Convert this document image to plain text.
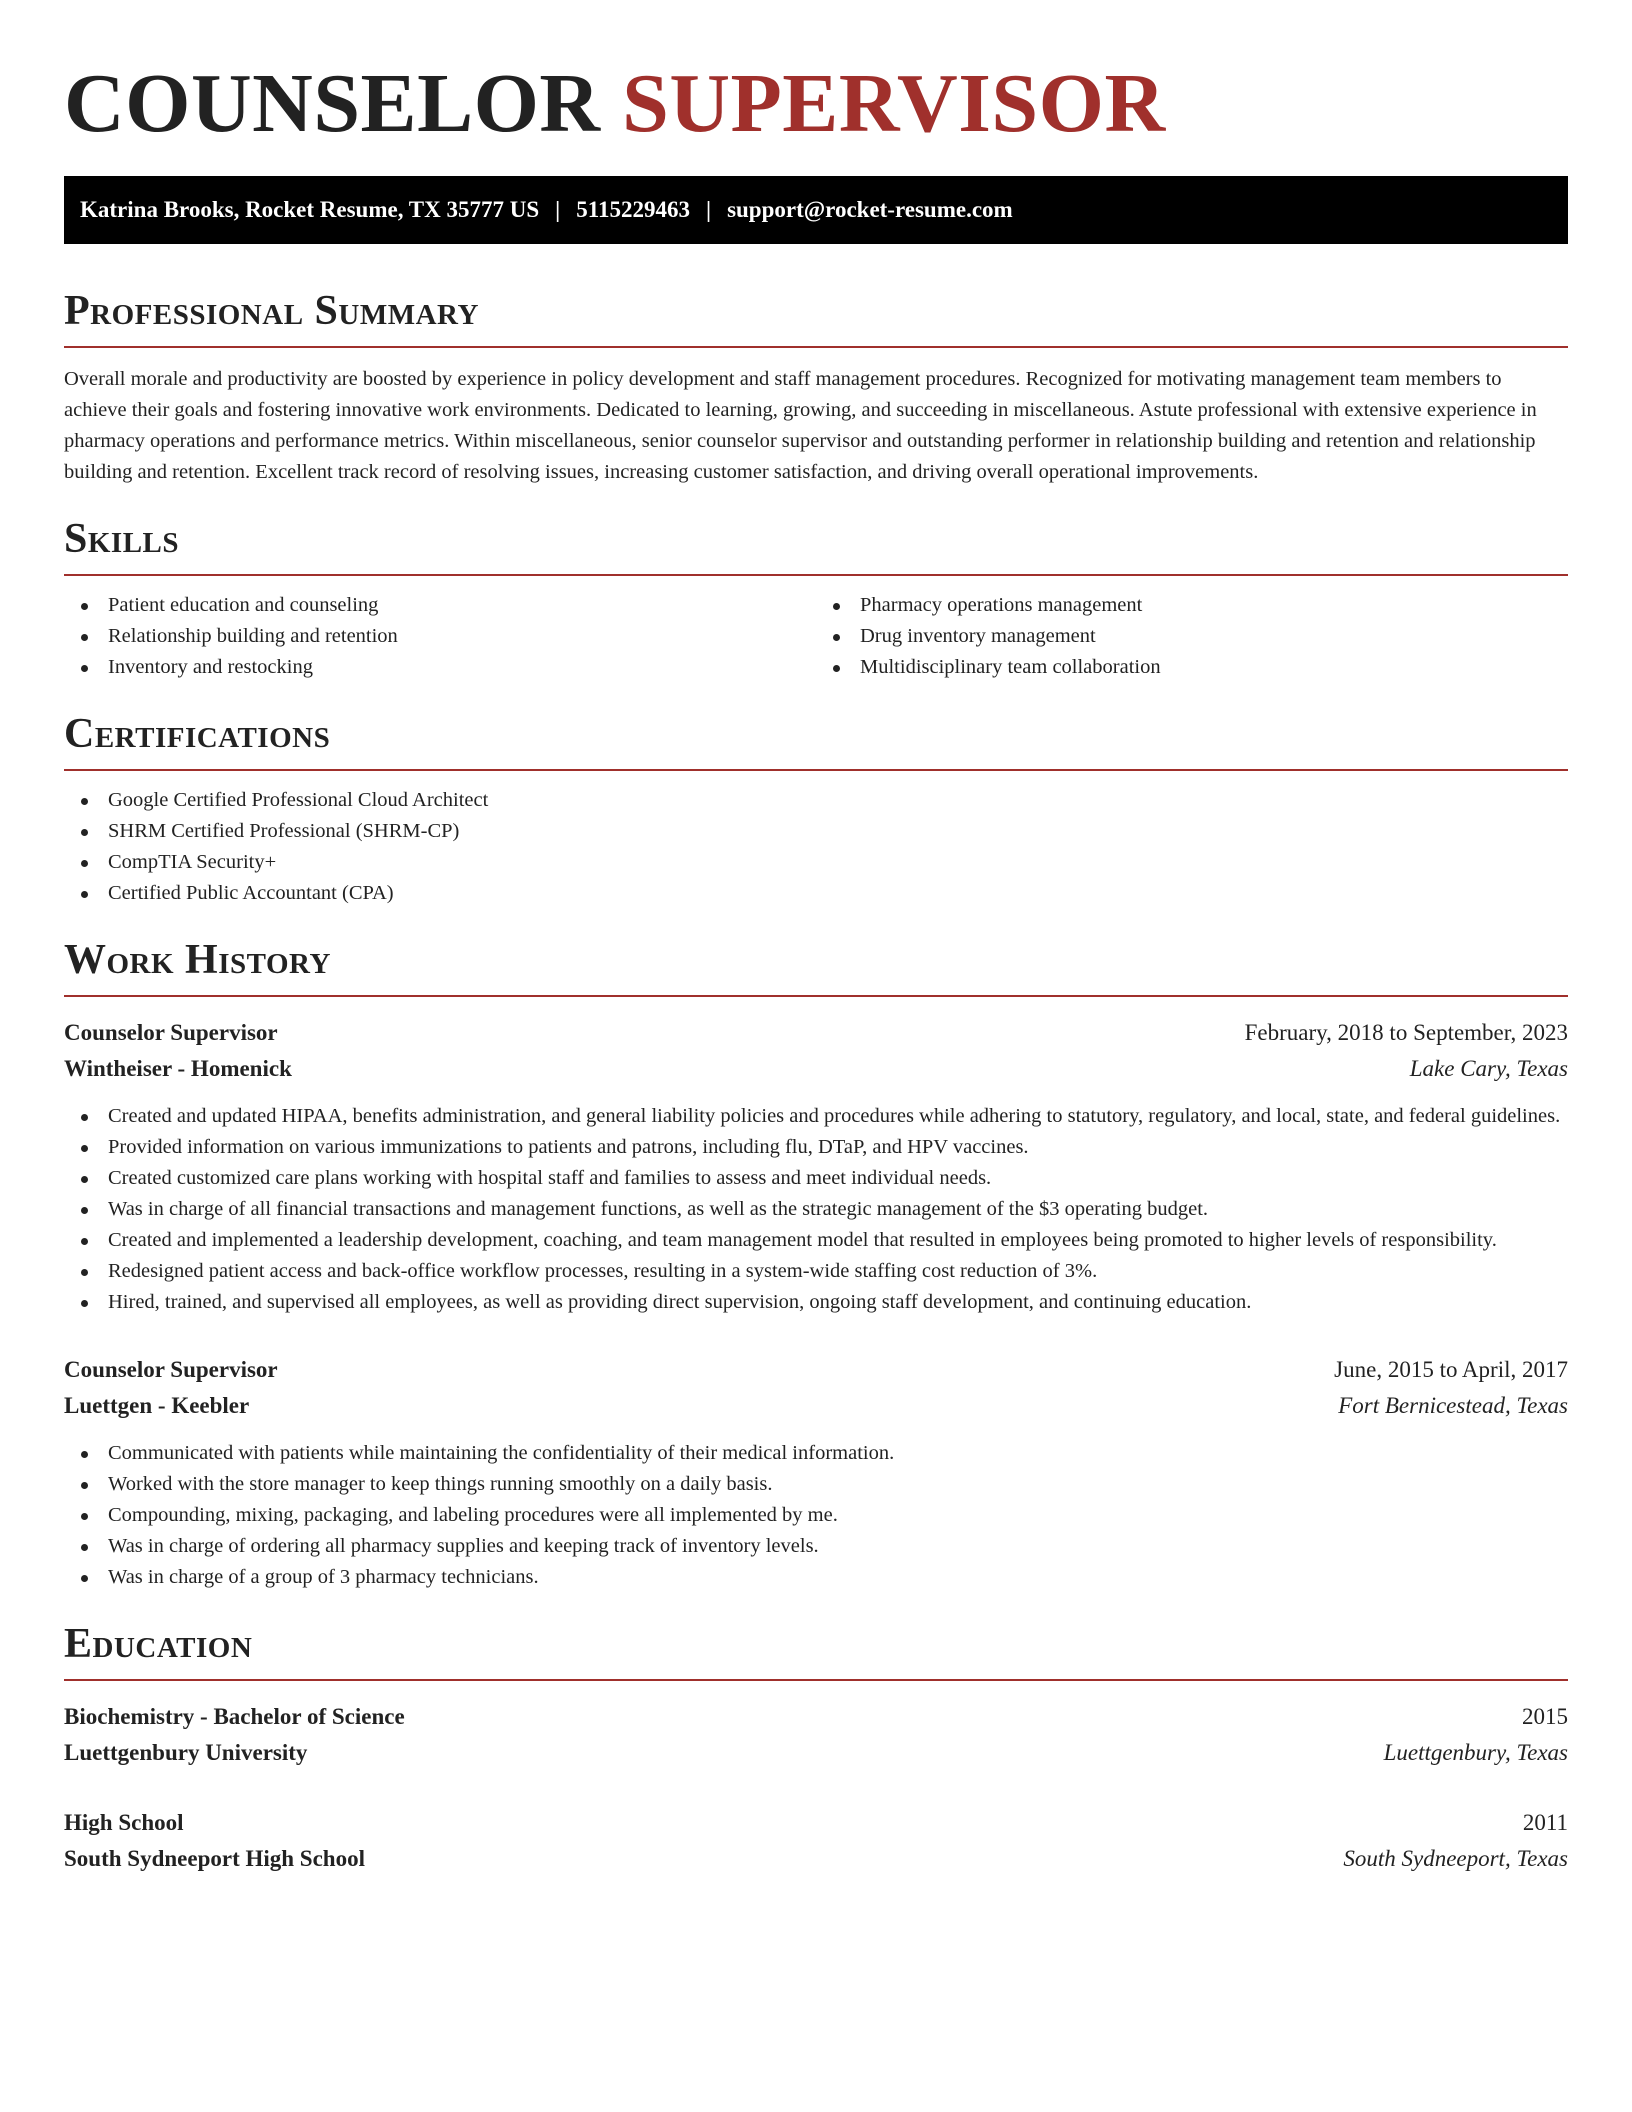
COUNSELOR SUPERVISOR
Katrina Brooks, Rocket Resume, TX 35777 US | 5115229463 | support@rocket-resume.com
Professional Summary

Overall morale and productivity are boosted by experience in policy development and staff management procedures. Recognized for motivating management team members to achieve their goals and fostering innovative work environments. Dedicated to learning, growing, and succeeding in miscellaneous. Astute professional with extensive experience in pharmacy operations and performance metrics. Within miscellaneous, senior counselor supervisor and outstanding performer in relationship building and retention and relationship building and retention. Excellent track record of resolving issues, increasing customer satisfaction, and driving overall operational improvements.

Skills
Patient education and counseling
Relationship building and retention
Inventory and restocking
Pharmacy operations management
Drug inventory management
Multidisciplinary team collaboration
Certifications
Google Certified Professional Cloud Architect
SHRM Certified Professional (SHRM-CP)
CompTIA Security+
Certified Public Accountant (CPA)
Work History
Counselor Supervisor	February, 2018 to September, 2023
Wintheiser - Homenick	Lake Cary, Texas
Created and updated HIPAA, benefits administration, and general liability policies and procedures while adhering to statutory, regulatory, and local, state, and federal guidelines.
Provided information on various immunizations to patients and patrons, including flu, DTaP, and HPV vaccines.
Created customized care plans working with hospital staff and families to assess and meet individual needs.
Was in charge of all financial transactions and management functions, as well as the strategic management of the $3 operating budget.
Created and implemented a leadership development, coaching, and team management model that resulted in employees being promoted to higher levels of responsibility.
Redesigned patient access and back-office workflow processes, resulting in a system-wide staffing cost reduction of 3%.
Hired, trained, and supervised all employees, as well as providing direct supervision, ongoing staff development, and continuing education.
Counselor Supervisor	June, 2015 to April, 2017
Luettgen - Keebler	Fort Bernicestead, Texas
Communicated with patients while maintaining the confidentiality of their medical information.
Worked with the store manager to keep things running smoothly on a daily basis.
Compounding, mixing, packaging, and labeling procedures were all implemented by me.
Was in charge of ordering all pharmacy supplies and keeping track of inventory levels.
Was in charge of a group of 3 pharmacy technicians.
Education
Biochemistry - Bachelor of Science	2015
Luettgenbury University	Luettgenbury, Texas
High School	2011
South Sydneeport High School	South Sydneeport, Texas
